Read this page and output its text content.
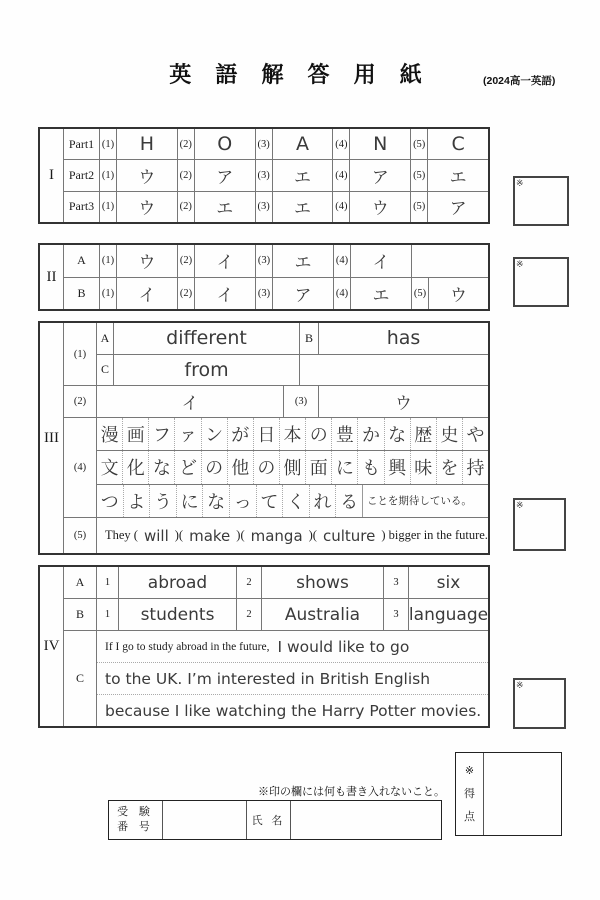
英 語 解 答 用 紙	(2024高一英語)
I
Part1 (1)	H	(2)	O	(3)	A	(4)	N	(5)	C
Part2 (1)	ウ	(2)	ア	(3)	エ	(4)	ア	(5)	エ
Part3 (1)	ウ	(2)	エ	(3)	エ	(4)	ウ	(5)	ア
II
A	(1)	ウ	(2)	イ	(3)	エ	(4)	イ
B	(1)	イ	(2)	イ	(3)	ア	(4)	エ	(5)	ウ
III
(1)
A	different	B	has
C	from
(2)	イ	(3)	ウ
(4)
漫 画 フ ァ ン が 日 本 の 豊 か な 歴 史 や
文 化 な ど の 他 の 側 面 に も 興 味 を 持
つ よ う に な っ て く れ る ことを期待している。
(5)	They ( will )( make )( manga )( culture ) bigger in the future.
IV
A	1	abroad	2	shows	3	six
B	1	students	2	Australia	3 language
C
If I go to study abroad in the future, I would like to go
to the UK. I’m interested in British English
because I like watching the Harry Potter movies.
※
※
※
※
※印の欄には何も書き入れないこと。
受 験
番 号	氏 名
※
得
点
